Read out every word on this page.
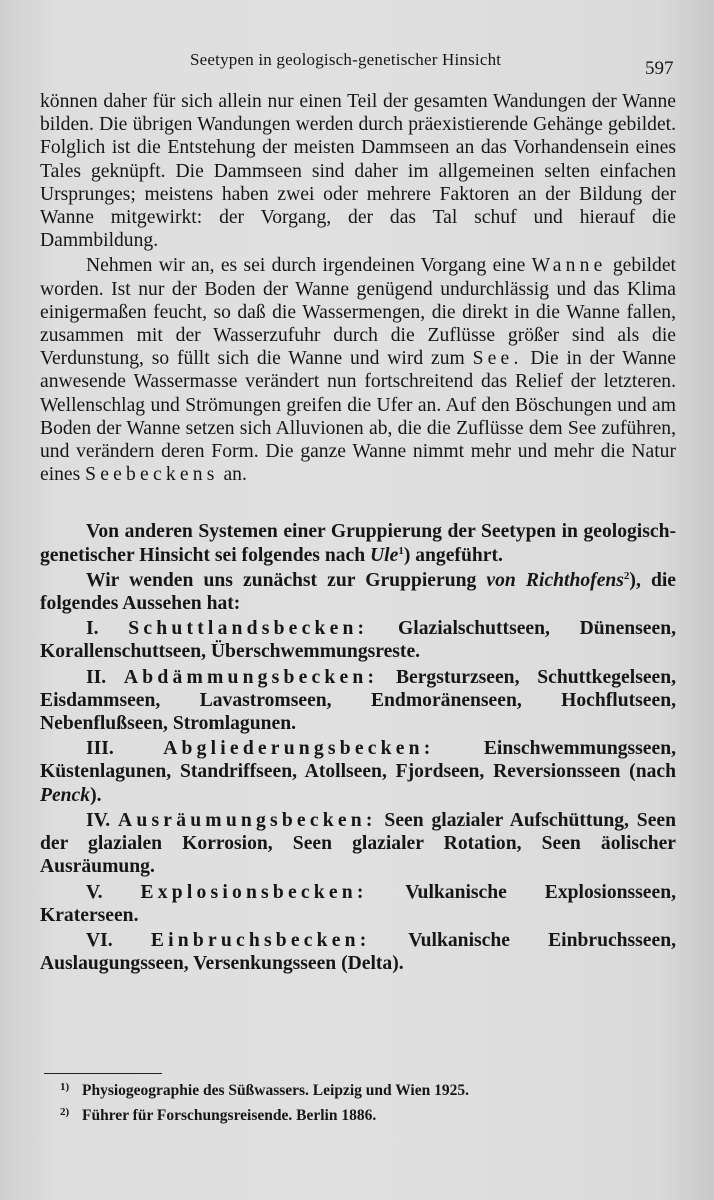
Seetypen in geologisch-genetischer Hinsicht	597

können daher für sich allein nur einen Teil der gesamten Wandungen der Wanne bilden. Die übrigen Wandungen werden durch präexistierende Gehänge gebildet. Folglich ist die Entstehung der meisten Dammseen an das Vorhandensein eines Tales geknüpft. Die Dammseen sind daher im allgemeinen selten einfachen Ursprunges; meistens haben zwei oder mehrere Faktoren an der Bildung der Wanne mitgewirkt: der Vorgang, der das Tal schuf und hierauf die Dammbildung.

Nehmen wir an, es sei durch irgendeinen Vorgang eine Wanne gebildet worden. Ist nur der Boden der Wanne genügend undurchlässig und das Klima einigermaßen feucht, so daß die Wassermengen, die direkt in die Wanne fallen, zusammen mit der Wasserzufuhr durch die Zuflüsse größer sind als die Verdunstung, so füllt sich die Wanne und wird zum See. Die in der Wanne anwesende Wassermasse verändert nun fortschreitend das Relief der letzteren. Wellenschlag und Strömungen greifen die Ufer an. Auf den Böschungen und am Boden der Wanne setzen sich Alluvionen ab, die die Zuflüsse dem See zuführen, und verändern deren Form. Die ganze Wanne nimmt mehr und mehr die Natur eines Seebeckens an.

Von anderen Systemen einer Gruppierung der Seetypen in geologisch-genetischer Hinsicht sei folgendes nach Ule$^1$) angeführt.

Wir wenden uns zunächst zur Gruppierung von Richthofens$^2$), die folgendes Aussehen hat:

I. Schuttlandsbecken: Glazialschuttseen, Dünenseen, Korallenschuttseen, Überschwemmungsreste.

II. Abdämmungsbecken: Bergsturzseen, Schuttkegelseen, Eisdammseen, Lavastromseen, Endmoränenseen, Hochflutseen, Nebenflußseen, Stromlagunen.

III.	Abgliederungsbecken:	Einschwemmungsseen, Küstenlagunen, Standriffseen, Atollseen, Fjordseen, Reversionsseen (nach Penck).

IV. Ausräumungsbecken: Seen glazialer Aufschüttung, Seen der glazialen Korrosion, Seen glazialer Rotation, Seen äolischer Ausräumung.

V. Explosionsbecken: Vulkanische Explosionsseen, Kraterseen.

VI. Einbruchsbecken: Vulkanische Einbruchsseen, Auslaugungsseen, Versenkungsseen (Delta).

1) Physiogeographie des Süßwassers. Leipzig und Wien 1925.

2) Führer für Forschungsreisende. Berlin 1886.
